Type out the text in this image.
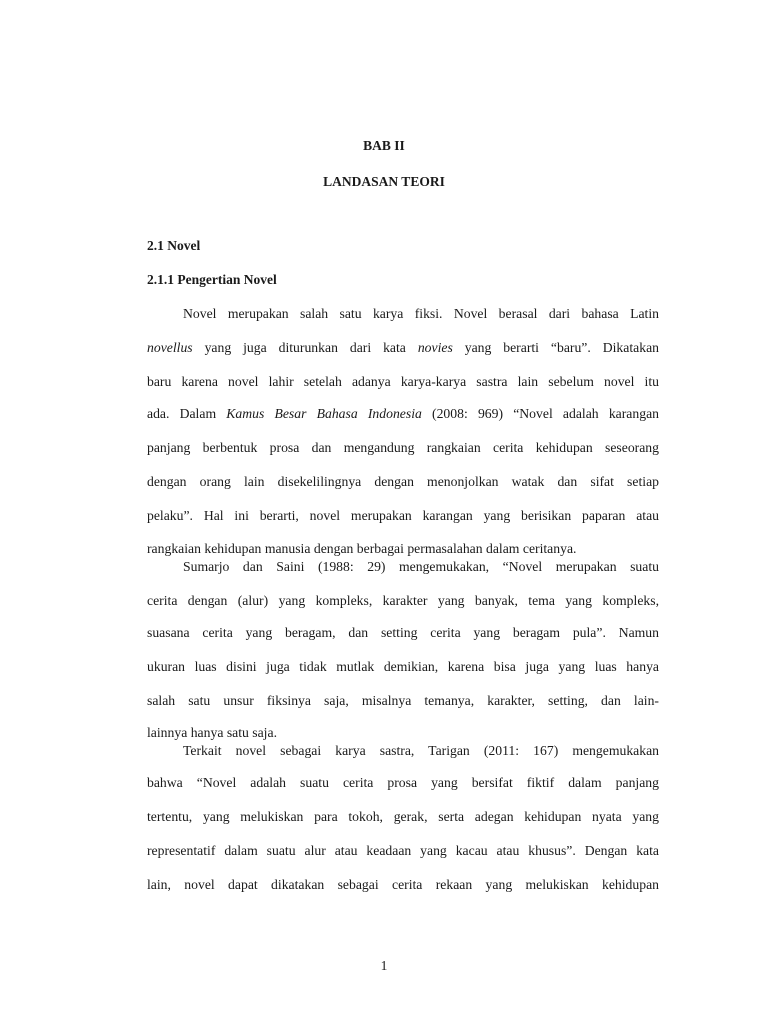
BAB II
LANDASAN TEORI
2.1 Novel
2.1.1 Pengertian Novel
Novel merupakan salah satu karya fiksi. Novel berasal dari bahasa Latin
novellus yang juga diturunkan dari kata novies yang berarti “baru”. Dikatakan
baru karena novel lahir setelah adanya karya-karya sastra lain sebelum novel itu
ada. Dalam Kamus Besar Bahasa Indonesia (2008: 969) “Novel adalah karangan
panjang berbentuk prosa dan mengandung rangkaian cerita kehidupan seseorang
dengan orang lain disekelilingnya dengan menonjolkan watak dan sifat setiap
pelaku”. Hal ini berarti, novel merupakan karangan yang berisikan paparan atau
rangkaian kehidupan manusia dengan berbagai permasalahan dalam ceritanya.
Sumarjo dan Saini (1988: 29) mengemukakan, “Novel merupakan suatu
cerita dengan (alur) yang kompleks, karakter yang banyak, tema yang kompleks,
suasana cerita yang beragam, dan setting cerita yang beragam pula”. Namun
ukuran luas disini juga tidak mutlak demikian, karena bisa juga yang luas hanya
salah satu unsur fiksinya saja, misalnya temanya, karakter, setting, dan lain-
lainnya hanya satu saja.
Terkait novel sebagai karya sastra, Tarigan (2011: 167) mengemukakan
bahwa “Novel adalah suatu cerita prosa yang bersifat fiktif dalam panjang
tertentu, yang melukiskan para tokoh, gerak, serta adegan kehidupan nyata yang
representatif dalam suatu alur atau keadaan yang kacau atau khusus”. Dengan kata
lain, novel dapat dikatakan sebagai cerita rekaan yang melukiskan kehidupan
1
